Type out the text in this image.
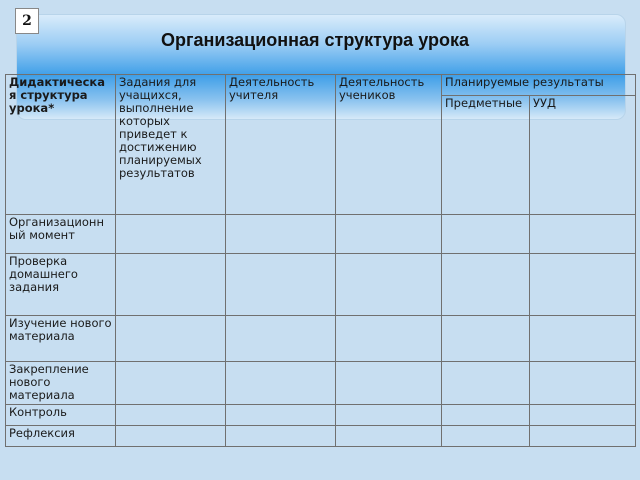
2
Организационная структура урока
Дидактическая структура урока*	Задания для учащихся, выполнение которых приведет к достижению планируемых результатов	Деятельность учителя	Деятельность учеников	Планируемые результаты	
				Предметные	УУД
Организационный момент					
Проверка домашнего задания					
Изучение нового материала					
Закрепление нового материала					
Контроль					
Рефлексия					
